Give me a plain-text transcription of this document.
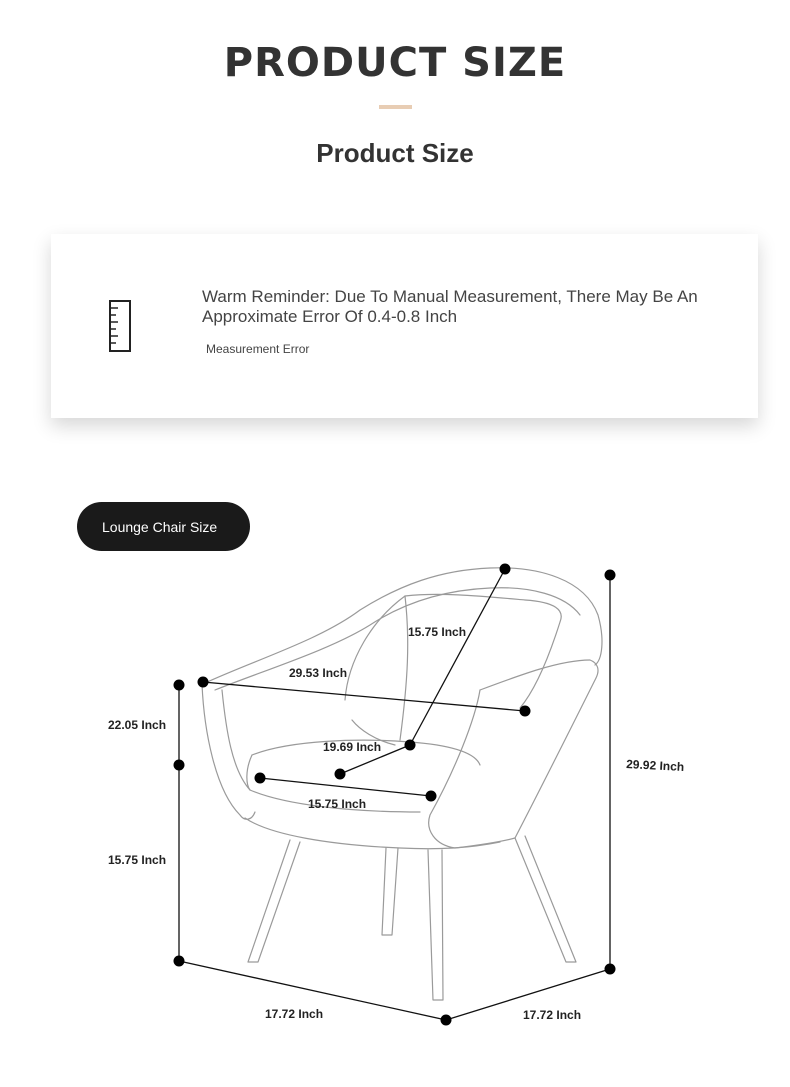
PRODUCT SIZE
Product Size
Warm Reminder: Due To Manual Measurement, There May Be An Approximate Error Of 0.4-0.8 Inch
Measurement Error
Lounge Chair Size
15.75 Inch
29.53 Inch
22.05 Inch
19.69 Inch
29.92 Inch
15.75 Inch
15.75 Inch
17.72 Inch	17.72 Inch
